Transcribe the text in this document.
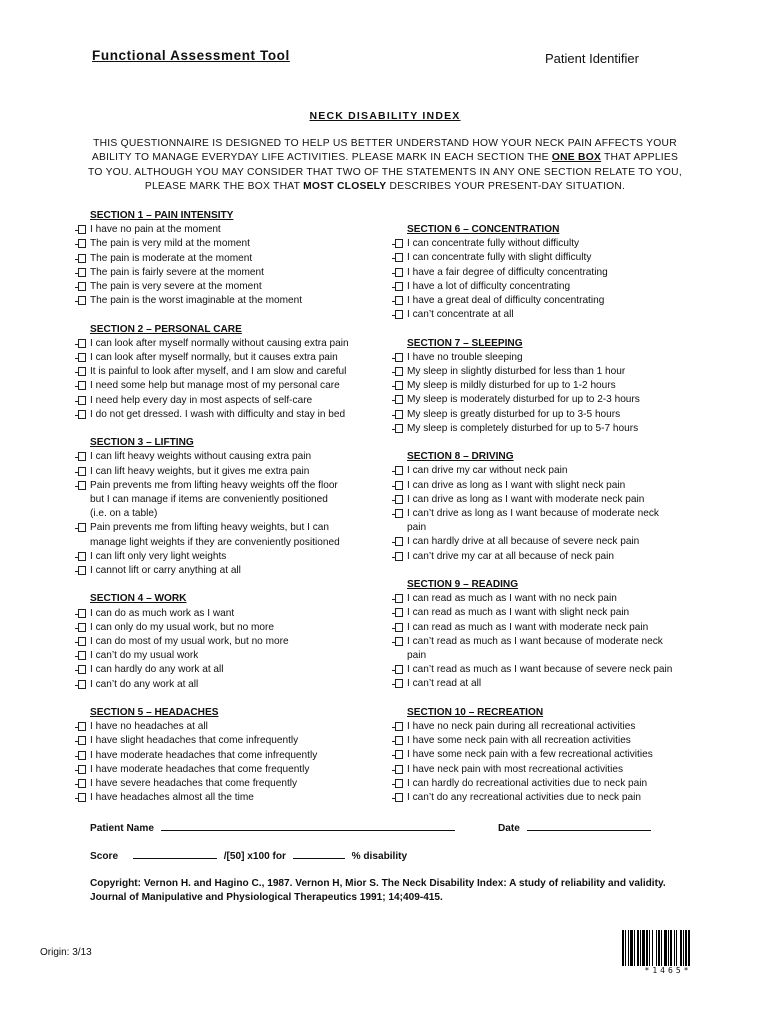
Functional Assessment Tool	Patient Identifier
NECK DISABILITY INDEX
THIS QUESTIONNAIRE IS DESIGNED TO HELP US BETTER UNDERSTAND HOW YOUR NECK PAIN AFFECTS YOUR
ABILITY TO MANAGE EVERYDAY LIFE ACTIVITIES. PLEASE MARK IN EACH SECTION THE ONE BOX THAT APPLIES
TO YOU. ALTHOUGH YOU MAY CONSIDER THAT TWO OF THE STATEMENTS IN ANY ONE SECTION RELATE TO YOU,
PLEASE MARK THE BOX THAT MOST CLOSELY DESCRIBES YOUR PRESENT-DAY SITUATION.
SECTION 1 – PAIN INTENSITY
I have no pain at the moment
The pain is very mild at the moment
The pain is moderate at the moment
The pain is fairly severe at the moment
The pain is very severe at the moment
The pain is the worst imaginable at the moment
SECTION 2 – PERSONAL CARE
I can look after myself normally without causing extra pain
I can look after myself normally, but it causes extra pain
It is painful to look after myself, and I am slow and careful
I need some help but manage most of my personal care
I need help every day in most aspects of self-care
I do not get dressed. I wash with difficulty and stay in bed
SECTION 3 – LIFTING
I can lift heavy weights without causing extra pain
I can lift heavy weights, but it gives me extra pain
Pain prevents me from lifting heavy weights off the floor
but I can manage if items are conveniently positioned
(i.e. on a table)
Pain prevents me from lifting heavy weights, but I can
manage light weights if they are conveniently positioned
I can lift only very light weights
I cannot lift or carry anything at all
SECTION 4 – WORK
I can do as much work as I want
I can only do my usual work, but no more
I can do most of my usual work, but no more
I can’t do my usual work
I can hardly do any work at all
I can’t do any work at all
SECTION 5 – HEADACHES
I have no headaches at all
I have slight headaches that come infrequently
I have moderate headaches that come infrequently
I have moderate headaches that come frequently
I have severe headaches that come frequently
I have headaches almost all the time
SECTION 6 – CONCENTRATION
I can concentrate fully without difficulty
I can concentrate fully with slight difficulty
I have a fair degree of difficulty concentrating
I have a lot of difficulty concentrating
I have a great deal of difficulty concentrating
I can’t concentrate at all
SECTION 7 – SLEEPING
I have no trouble sleeping
My sleep in slightly disturbed for less than 1 hour
My sleep is mildly disturbed for up to 1-2 hours
My sleep is moderately disturbed for up to 2-3 hours
My sleep is greatly disturbed for up to 3-5 hours
My sleep is completely disturbed for up to 5-7 hours
SECTION 8 – DRIVING
I can drive my car without neck pain
I can drive as long as I want with slight neck pain
I can drive as long as I want with moderate neck pain
I can’t drive as long as I want because of moderate neck
pain
I can hardly drive at all because of severe neck pain
I can’t drive my car at all because of neck pain
SECTION 9 – READING
I can read as much as I want with no neck pain
I can read as much as I want with slight neck pain
I can read as much as I want with moderate neck pain
I can’t read as much as I want because of moderate neck
pain
I can’t read as much as I want because of severe neck pain
I can’t read at all
SECTION 10 – RECREATION
I have no neck pain during all recreational activities
I have some neck pain with all recreation activities
I have some neck pain with a few recreational activities
I have neck pain with most recreational activities
I can hardly do recreational activities due to neck pain
I can’t do any recreational activities due to neck pain
Patient Name	Date
Score	/[50] x100 for	% disability
Copyright: Vernon H. and Hagino C., 1987. Vernon H, Mior S. The Neck Disability Index: A study of reliability and validity.
Journal of Manipulative and Physiological Therapeutics 1991; 14;409-415.
Origin: 3/13
*1465*
